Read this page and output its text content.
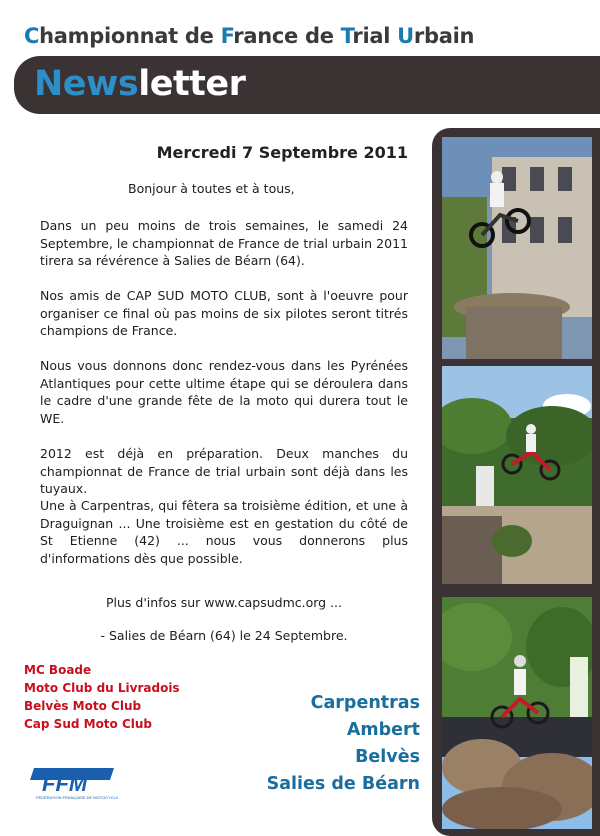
Championnat de France de Trial Urbain
Newsletter
Mercredi 7 Septembre 2011
Bonjour à toutes et à tous,
Dans un peu moins de trois semaines, le samedi 24 Septembre, le championnat de France de trial urbain 2011 tirera sa révérence à Salies de Béarn (64).
Nos amis de CAP SUD MOTO CLUB, sont à l'oeuvre pour organiser ce final où pas moins de six pilotes seront titrés champions de France.
Nous vous donnons donc rendez-vous dans les Pyrénées Atlantiques pour cette ultime étape qui se déroulera dans le cadre d'une grande fête de la moto qui durera tout le WE.
2012 est déjà en préparation. Deux manches du championnat de France de trial urbain sont déjà dans les tuyaux.
Une à Carpentras, qui fêtera sa troisième édition, et une à Draguignan ... Une troisième est en gestation du côté de St Etienne (42) ... nous vous donnerons plus d'informations dès que possible.
Plus d'infos sur www.capsudmc.org ...
- Salies de Béarn (64) le 24 Septembre.
MC Boade
Moto Club du Livradois
Belvès Moto Club
Cap Sud Moto Club
Carpentras
Ambert
Belvès
Salies de Béarn
FFM
FÉDÉRATION FRANÇAISE DE MOTOCYCLISME
